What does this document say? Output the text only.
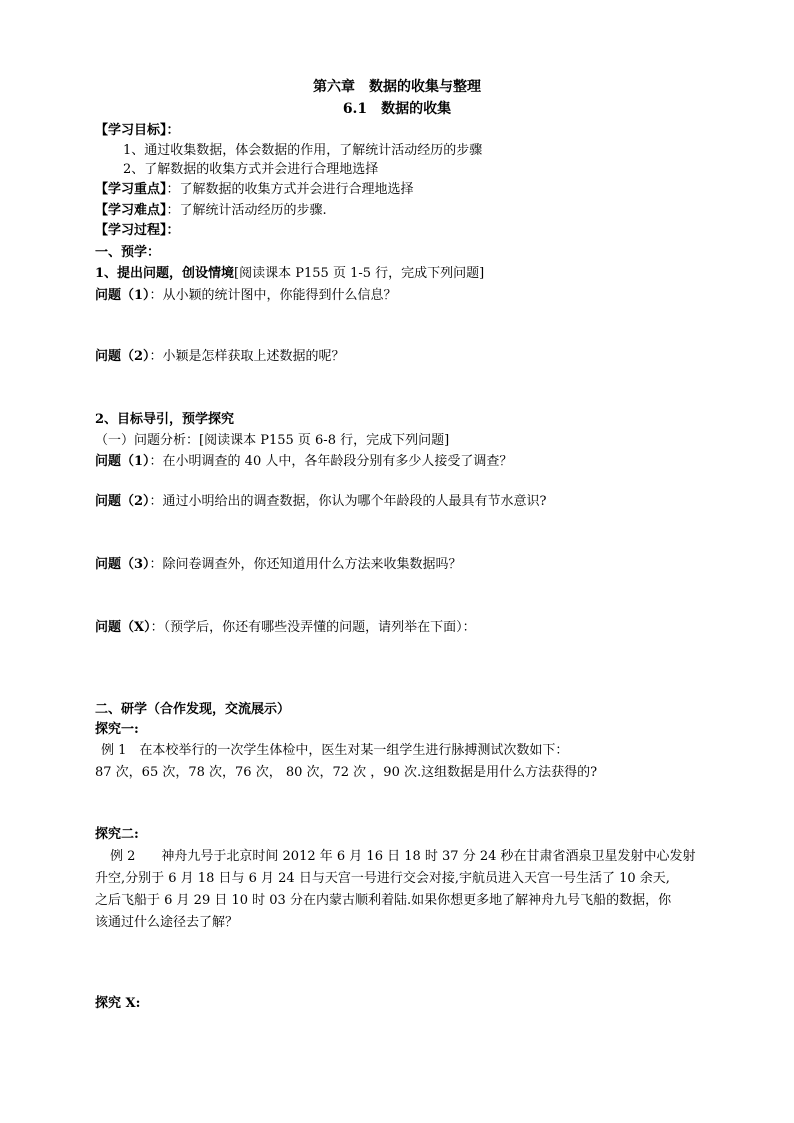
第六章　数据的收集与整理
6.1　数据的收集
【学习目标】：
1、通过收集数据，体会数据的作用，了解统计活动经历的步骤
2、了解数据的收集方式并会进行合理地选择
【学习重点】：了解数据的收集方式并会进行合理地选择
【学习难点】：了解统计活动经历的步骤.
【学习过程】：
一、预学：
1、提出问题，创设情境[阅读课本 P155 页 1-5 行，完成下列问题]
问题（1）：从小颖的统计图中，你能得到什么信息？
问题（2）：小颖是怎样获取上述数据的呢？
2、目标导引，预学探究
（一）问题分析：[阅读课本 P155 页 6-8 行，完成下列问题]
问题（1）：在小明调查的 40 人中，各年龄段分别有多少人接受了调查？
问题（2）：通过小明给出的调查数据，你认为哪个年龄段的人最具有节水意识?
问题（3）：除问卷调查外，你还知道用什么方法来收集数据吗？
问题（X）：（预学后，你还有哪些没弄懂的问题，请列举在下面）：
二、研学（合作发现，交流展示）
探究一:
例 1　在本校举行的一次学生体检中，医生对某一组学生进行脉搏测试次数如下：
87 次，65 次，78 次，76 次， 80 次，72 次 ，90 次.这组数据是用什么方法获得的?
探究二:
例 2　　神舟九号于北京时间 2012 年 6 月 16 日 18 时 37 分 24 秒在甘肃省酒泉卫星发射中心发射
升空,分别于 6 月 18 日与 6 月 24 日与天宫一号进行交会对接,宇航员进入天宫一号生活了 10 余天,
之后飞船于 6 月 29 日 10 时 03 分在内蒙古顺利着陆.如果你想更多地了解神舟九号飞船的数据，你
该通过什么途径去了解？
探究 X:
